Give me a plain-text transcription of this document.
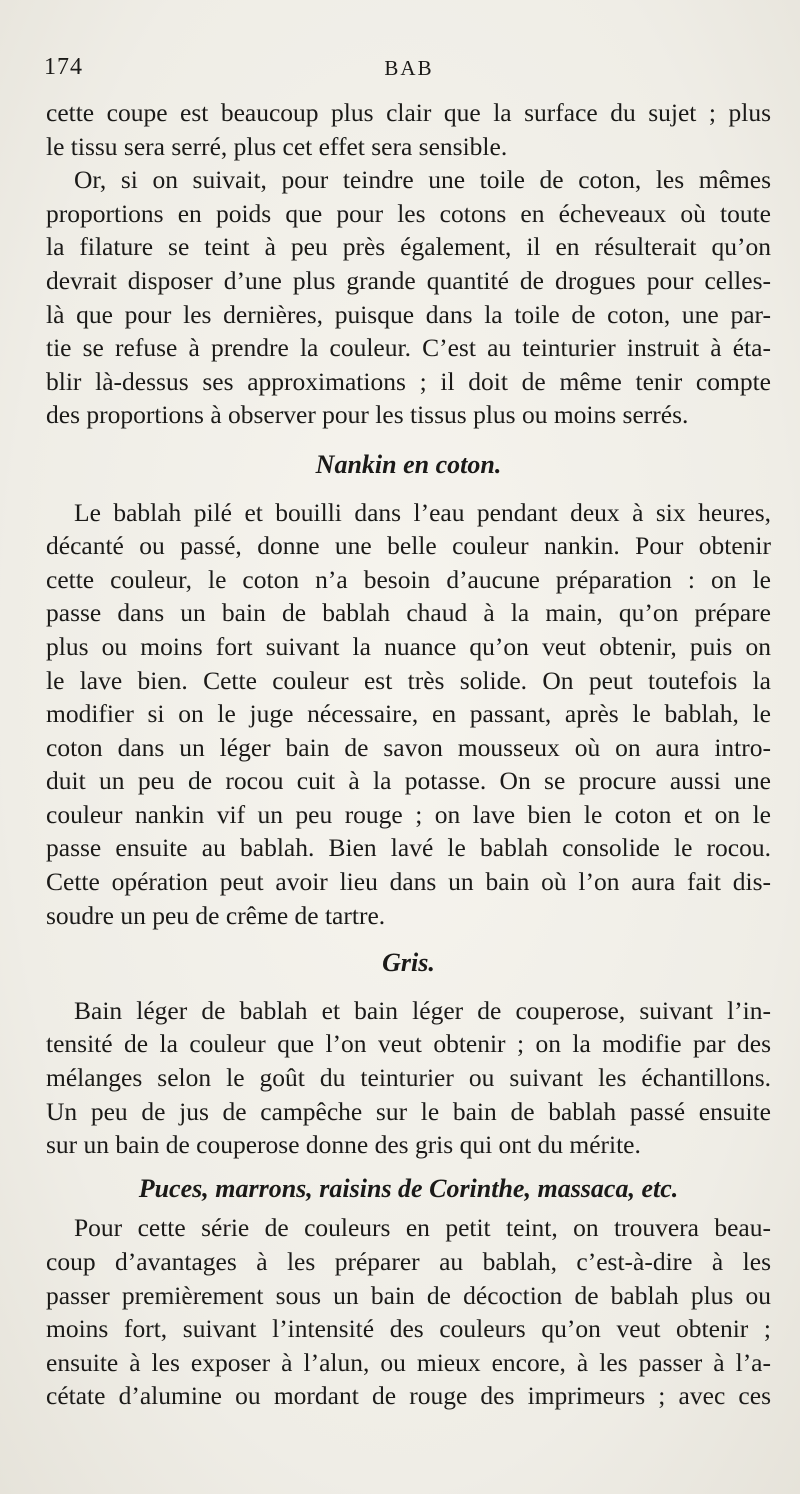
174	BAB

cette coupe est beaucoup plus clair que la surface du sujet ; plus
le tissu sera serré, plus cet effet sera sensible.

Or, si on suivait, pour teindre une toile de coton, les mêmes
proportions en poids que pour les cotons en écheveaux où toute
la filature se teint à peu près également, il en résulterait qu’on
devrait disposer d’une plus grande quantité de drogues pour celles-
là que pour les dernières, puisque dans la toile de coton, une par-
tie se refuse à prendre la couleur. C’est au teinturier instruit à éta-
blir là-dessus ses approximations ; il doit de même tenir compte
des proportions à observer pour les tissus plus ou moins serrés.

Nankin en coton.

Le bablah pilé et bouilli dans l’eau pendant deux à six heures,
décanté ou passé, donne une belle couleur nankin. Pour obtenir
cette couleur, le coton n’a besoin d’aucune préparation : on le
passe dans un bain de bablah chaud à la main, qu’on prépare
plus ou moins fort suivant la nuance qu’on veut obtenir, puis on
le lave bien. Cette couleur est très solide. On peut toutefois la
modifier si on le juge nécessaire, en passant, après le bablah, le
coton dans un léger bain de savon mousseux où on aura intro-
duit un peu de rocou cuit à la potasse. On se procure aussi une
couleur nankin vif un peu rouge ; on lave bien le coton et on le
passe ensuite au bablah. Bien lavé le bablah consolide le rocou.
Cette opération peut avoir lieu dans un bain où l’on aura fait dis-
soudre un peu de crême de tartre.

Gris.

Bain léger de bablah et bain léger de couperose, suivant l’in-
tensité de la couleur que l’on veut obtenir ; on la modifie par des
mélanges selon le goût du teinturier ou suivant les échantillons.
Un peu de jus de campêche sur le bain de bablah passé ensuite
sur un bain de couperose donne des gris qui ont du mérite.

Puces, marrons, raisins de Corinthe, massaca, etc.

Pour cette série de couleurs en petit teint, on trouvera beau-
coup d’avantages à les préparer au bablah, c’est-à-dire à les
passer premièrement sous un bain de décoction de bablah plus ou
moins fort, suivant l’intensité des couleurs qu’on veut obtenir ;
ensuite à les exposer à l’alun, ou mieux encore, à les passer à l’a-
cétate d’alumine ou mordant de rouge des imprimeurs ; avec ces
